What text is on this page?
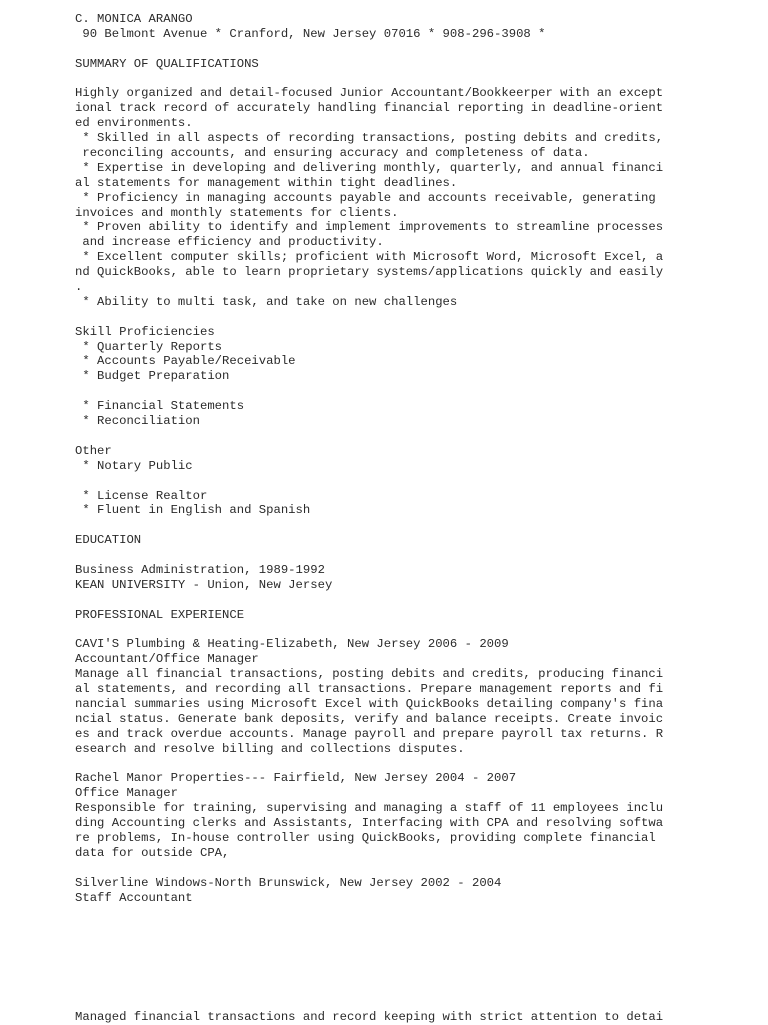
C. MONICA ARANGO
90 Belmont Avenue * Cranford, New Jersey 07016 * 908-296-3908 *
SUMMARY OF QUALIFICATIONS
Highly organized and detail-focused Junior Accountant/Bookkeerper with an except
ional track record of accurately handling financial reporting in deadline-orient
ed environments.
* Skilled in all aspects of recording transactions, posting debits and credits,
reconciling accounts, and ensuring accuracy and completeness of data.
* Expertise in developing and delivering monthly, quarterly, and annual financi
al statements for management within tight deadlines.
* Proficiency in managing accounts payable and accounts receivable, generating
invoices and monthly statements for clients.
* Proven ability to identify and implement improvements to streamline processes
and increase efficiency and productivity.
* Excellent computer skills; proficient with Microsoft Word, Microsoft Excel, a
nd QuickBooks, able to learn proprietary systems/applications quickly and easily
.
* Ability to multi task, and take on new challenges
Skill Proficiencies
* Quarterly Reports
* Accounts Payable/Receivable
* Budget Preparation
* Financial Statements
* Reconciliation
Other
* Notary Public
* License Realtor
* Fluent in English and Spanish
EDUCATION
Business Administration, 1989-1992
KEAN UNIVERSITY - Union, New Jersey
PROFESSIONAL EXPERIENCE
CAVI'S Plumbing & Heating-Elizabeth, New Jersey 2006 - 2009
Accountant/Office Manager
Manage all financial transactions, posting debits and credits, producing financi
al statements, and recording all transactions. Prepare management reports and fi
nancial summaries using Microsoft Excel with QuickBooks detailing company's fina
ncial status. Generate bank deposits, verify and balance receipts. Create invoic
es and track overdue accounts. Manage payroll and prepare payroll tax returns. R
esearch and resolve billing and collections disputes.
Rachel Manor Properties--- Fairfield, New Jersey 2004 - 2007
Office Manager
Responsible for training, supervising and managing a staff of 11 employees inclu
ding Accounting clerks and Assistants, Interfacing with CPA and resolving softwa
re problems, In-house controller using QuickBooks, providing complete financial
data for outside CPA,
Silverline Windows-North Brunswick, New Jersey 2002 - 2004
Staff Accountant
Managed financial transactions and record keeping with strict attention to detai
